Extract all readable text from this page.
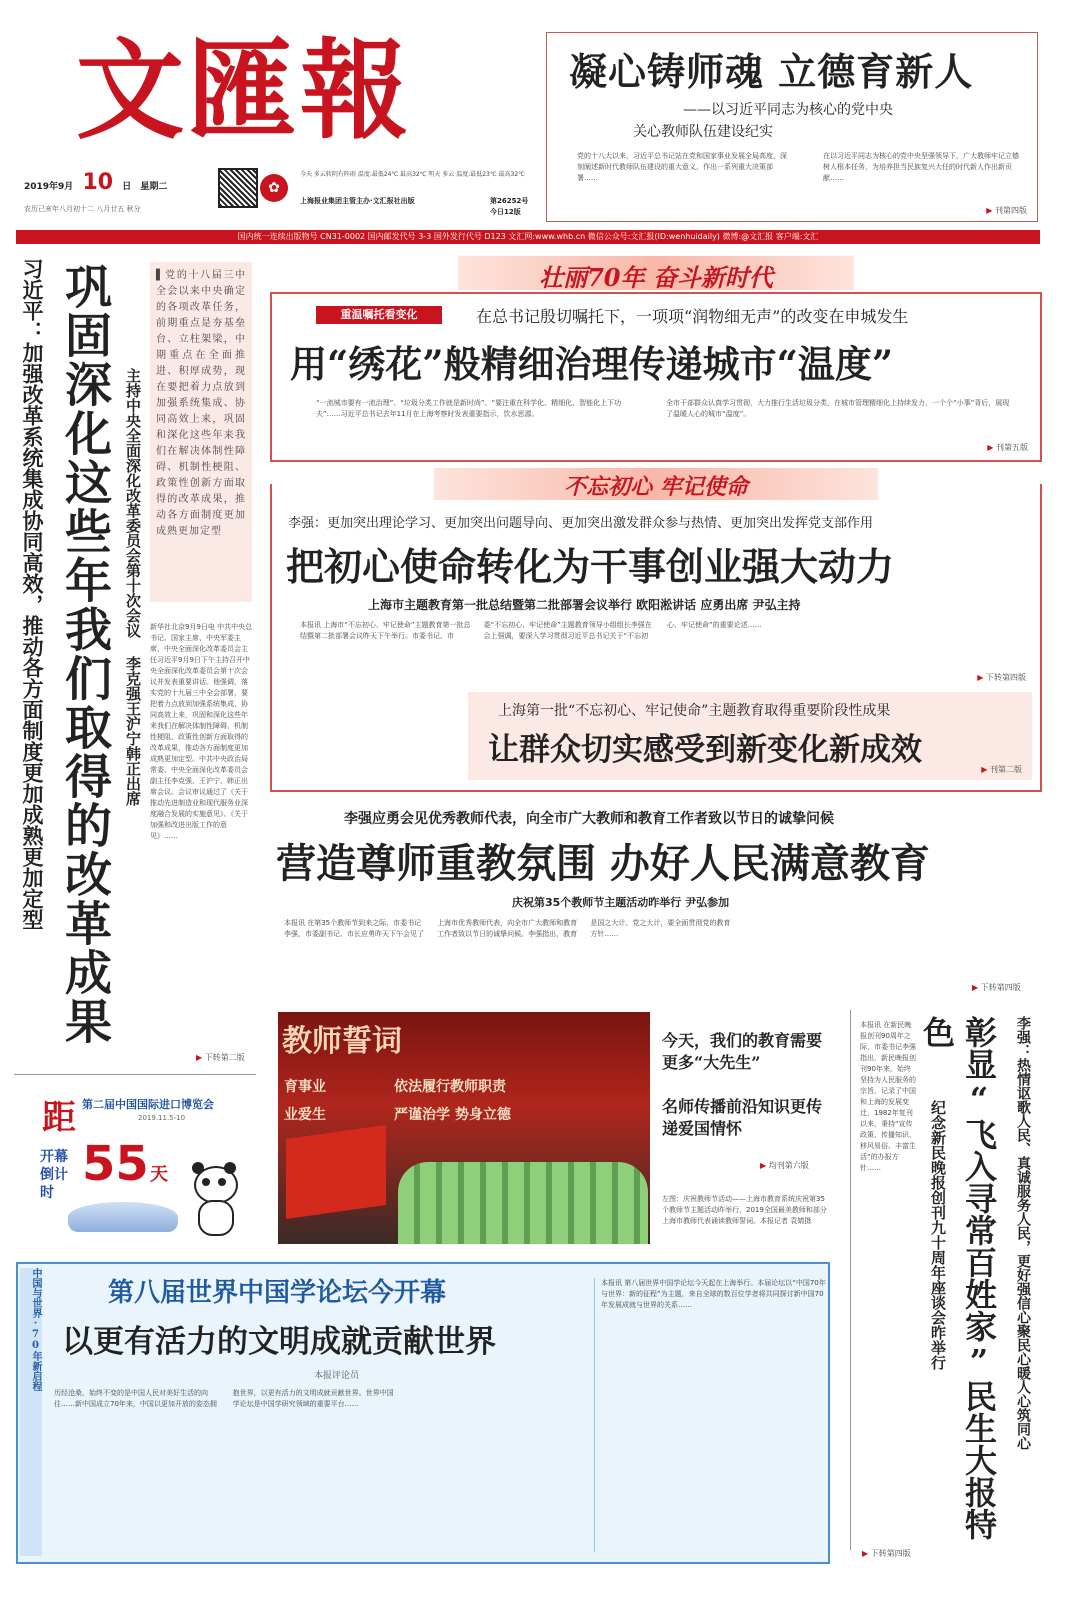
文匯報
2019年9月 10 日 星期二
农历己亥年八月初十二 八月廿五 秋分
✿
今天 多云转阴有阵雨 温度:最低24℃ 最高32℃ 明天 多云 温度:最低23℃ 最高32℃
上海报业集团主管主办·文汇报社出版	第26252号
今日12版
凝心铸师魂 立德育新人
——以习近平同志为核心的党中央
关心教师队伍建设纪实
党的十八大以来，习近平总书记站在党和国家事业发展全局高度，深刻阐述新时代教师队伍建设的重大意义，作出一系列重大决策部署……
在以习近平同志为核心的党中央坚强领导下，广大教师牢记立德树人根本任务，为培养担当民族复兴大任的时代新人作出新贡献……
▶ 刊第四版
国内统一连续出版物号 CN31-0002 国内邮发代号 3-3 国外发行代号 D123 文汇网:www.whb.cn 微信公众号:文汇报(ID:wenhuidaily) 微博:@文汇报 客户端:文汇
习近平：加强改革系统集成协同高效，推动各方面制度更加成熟更加定型 巩固深化这些年我们取得的改革成果 主持中央全面深化改革委员会第十次会议 李克强王沪宁韩正出席
▌党的十八届三中全会以来中央确定的各项改革任务，前期重点是夯基垒台、立柱架梁，中期重点在全面推进、积厚成势，现在要把着力点放到加强系统集成、协同高效上来，巩固和深化这些年来我们在解决体制性障碍、机制性梗阻、政策性创新方面取得的改革成果，推动各方面制度更加成熟更加定型
新华社北京9月9日电 中共中央总书记、国家主席、中央军委主席、中央全面深化改革委员会主任习近平9月9日下午主持召开中央全面深化改革委员会第十次会议并发表重要讲话。他强调，落实党的十九届三中全会部署，要把着力点放到加强系统集成、协同高效上来，巩固和深化这些年来我们在解决体制性障碍、机制性梗阻、政策性创新方面取得的改革成果，推动各方面制度更加成熟更加定型。中共中央政治局常委、中央全面深化改革委员会副主任李克强、王沪宁、韩正出席会议。会议审议通过了《关于推动先进制造业和现代服务业深度融合发展的实施意见》、《关于加强和改进出版工作的意见》……
▶ 下转第二版
距 第二届中国国际进口博览会
2019.11.5-10
开幕倒计时
55 天
壮丽70年 奋斗新时代
重温嘱托看变化	在总书记殷切嘱托下，一项项“润物细无声”的改变在申城发生
用“绣花”般精细治理传递城市“温度”
“一流城市要有一流治理”、“垃圾分类工作就是新时尚”、“要注重在科学化、精细化、智能化上下功夫”……习近平总书记去年11月在上海考察时发表重要指示，饮水思源。
全市干部群众认真学习贯彻，大力推行生活垃圾分类，在城市管理精细化上持续发力，一个个“小事”背后，展现了温暖人心的城市“温度”。
▶ 刊第五版
不忘初心 牢记使命
李强：更加突出理论学习、更加突出问题导向、更加突出激发群众参与热情、更加突出发挥党支部作用
把初心使命转化为干事创业强大动力
上海市主题教育第一批总结暨第二批部署会议举行 欧阳淞讲话 应勇出席 尹弘主持
本报讯 上海市“不忘初心、牢记使命”主题教育第一批总结暨第二批部署会议昨天下午举行。市委书记、市委“不忘初心、牢记使命”主题教育领导小组组长李强在会上强调，要深入学习贯彻习近平总书记关于“不忘初心、牢记使命”的重要论述……
▶ 下转第四版
上海第一批“不忘初心、牢记使命”主题教育取得重要阶段性成果
让群众切实感受到新变化新成效
▶ 刊第二版
李强应勇会见优秀教师代表，向全市广大教师和教育工作者致以节日的诚挚问候
营造尊师重教氛围 办好人民满意教育
庆祝第35个教师节主题活动昨举行 尹弘参加
本报讯 在第35个教师节到来之际，市委书记李强，市委副书记、市长应勇昨天下午会见了上海市优秀教师代表，向全市广大教师和教育工作者致以节日的诚挚问候。李强指出，教育是国之大计、党之大计，要全面贯彻党的教育方针……
▶ 下转第四版
教师誓词
育事业	依法履行教师职责
业爱生	严谨治学 势身立德
今天，我们的教育需要更多“大先生”
名师传播前沿知识更传递爱国情怀
▶ 均刊第六版
左图：庆祝教师节活动——上海市教育系统庆祝第35个教师节主题活动昨举行，2019全国最美教师和部分上海市教师代表诵读教师誓词。本报记者 袁婧摄	李强：热情讴歌人民、真诚服务人民，更好强信心聚民心暖人心筑同心
彰显“飞入寻常百姓家”民生大报特色
纪念新民晚报创刊九十周年座谈会昨举行
本报讯 在新民晚报创刊90周年之际，市委书记李强指出，新民晚报创刊90年来，始终坚持为人民服务的宗旨，记录了中国和上海的发展变迁，1982年复刊以来，秉持“宣传政策、传播知识、移风易俗、丰富生活”的办报方针……
▶ 下转第四版
中国与世界·70年新启程	第八届世界中国学论坛今开幕
以更有活力的文明成就贡献世界
本报评论员
历经沧桑，始终不变的是中国人民对美好生活的向往……新中国成立70年来，中国以更加开放的姿态拥抱世界，以更有活力的文明成就贡献世界。世界中国学论坛是中国学研究领域的重要平台……
本报讯 第八届世界中国学论坛今天起在上海举行。本届论坛以“中国70年与世界：新的征程”为主题，来自全球的数百位学者将共同探讨新中国70年发展成就与世界的关系……
